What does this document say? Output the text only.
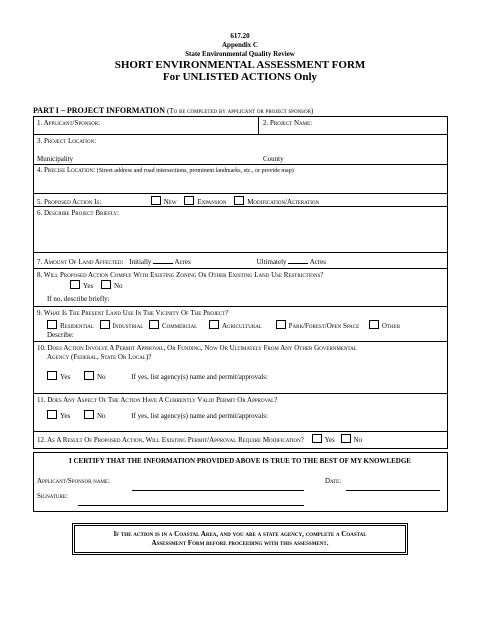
617.20
Appendix C
State Environmental Quality Review
SHORT ENVIRONMENTAL ASSESSMENT FORM
For UNLISTED ACTIONS Only
PART I – PROJECT INFORMATION (To be completed by applicant or project sponsor)
1. Applicant/Sponsor:	2. Project Name:
3. Project Location:
Municipality	County
4. Precise Location: (Street address and road intersections, prominent landmarks, etc., or provide map)
5. Proposed Action Is:	New	Expansion	Modification/Alteration
6. Describe Project Briefly:
7. Amount Of Land Affected: Initially	Acres	Ultimately	Acres
8. Will Proposed Action Comply With Existing Zoning Or Other Existing Land Use Restrictions?
Yes	No
If no, describe briefly:
9. What Is The Present Land Use In The Vicinity Of The Project?
Residential	Industrial	Commercial	Agricultural	Park/Forest/Open Space	Other
Describe:
10. Does Action Involve A Permit Approval, Or Funding, Now Or Ultimately From Any Other Governmental
Agency (Federal, State Or Local)?
Yes	No	If yes, list agency(s) name and permit/approvals:
11. Does Any Aspect Of The Action Have A Currently Valid Permit Or Approval?
Yes	No	If yes, list agency(s) name and permit/approvals:
12. As A Result Of Proposed Action, Will Existing Permit/Approval Require Modification?	Yes	No
I CERTIFY THAT THE INFORMATION PROVIDED ABOVE IS TRUE TO THE BEST OF MY KNOWLEDGE
Applicant/Sponsor name:	Date:
Signature:
If the action is in a Coastal Area, and you are a state agency, complete a Coastal
Assessment Form before proceeding with this assessment.
